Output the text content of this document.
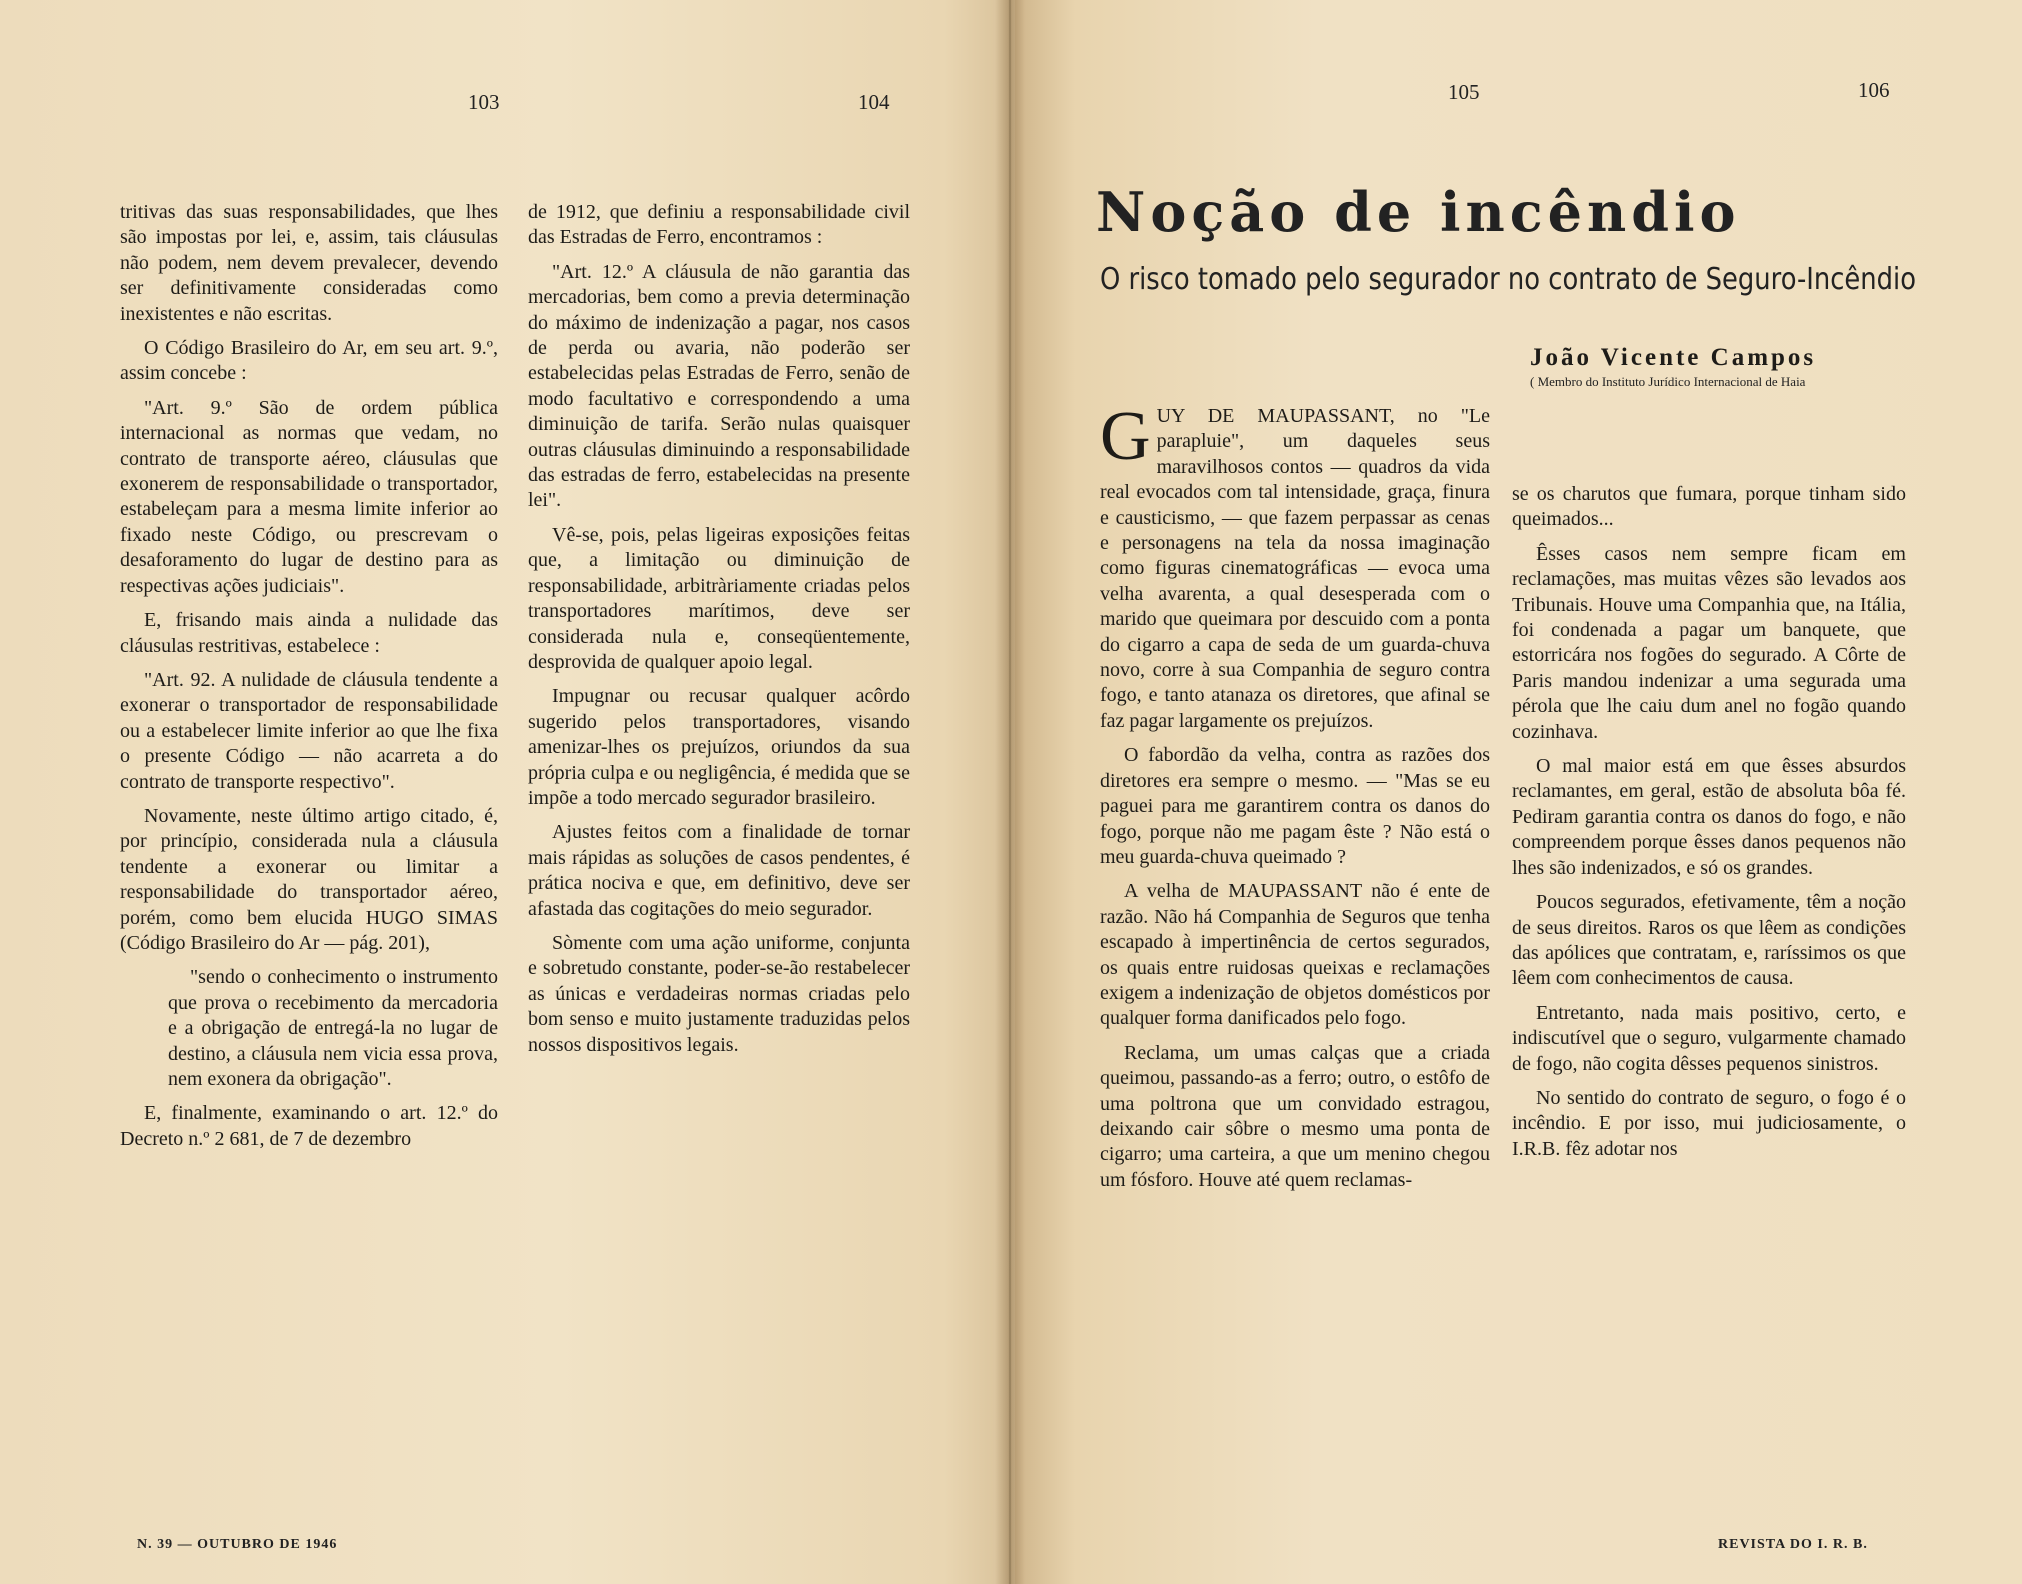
103	104	105	106

tritivas das suas responsabilidades, que lhes são impostas por lei, e, assim, tais cláusulas não podem, nem devem prevalecer, devendo ser definitivamente consideradas como inexistentes e não escritas.

O Código Brasileiro do Ar, em seu art. 9.º, assim concebe :

"Art. 9.º São de ordem pública internacional as normas que vedam, no contrato de transporte aéreo, cláusulas que exonerem de responsabilidade o transportador, estabeleçam para a mesma limite inferior ao fixado neste Código, ou prescrevam o desaforamento do lugar de destino para as respectivas ações judiciais".

E, frisando mais ainda a nulidade das cláusulas restritivas, estabelece :

"Art. 92. A nulidade de cláusula tendente a exonerar o transportador de responsabilidade ou a estabelecer limite inferior ao que lhe fixa o presente Código — não acarreta a do contrato de transporte respectivo".

Novamente, neste último artigo citado, é, por princípio, considerada nula a cláusula tendente a exonerar ou limitar a responsabilidade do transportador aéreo, porém, como bem elucida HUGO SIMAS (Código Brasileiro do Ar — pág. 201),

"sendo o conhecimento o instrumento que prova o recebimento da mercadoria e a obrigação de entregá-la no lugar de destino, a cláusula nem vicia essa prova, nem exonera da obrigação".

E, finalmente, examinando o art. 12.º do Decreto n.º 2 681, de 7 de dezembro

de 1912, que definiu a responsabilidade civil das Estradas de Ferro, encontramos :

"Art. 12.º A cláusula de não garantia das mercadorias, bem como a previa determinação do máximo de indenização a pagar, nos casos de perda ou avaria, não poderão ser estabelecidas pelas Estradas de Ferro, senão de modo facultativo e correspondendo a uma diminuição de tarifa. Serão nulas quaisquer outras cláusulas diminuindo a responsabilidade das estradas de ferro, estabelecidas na presente lei".

Vê-se, pois, pelas ligeiras exposições feitas que, a limitação ou diminuição de responsabilidade, arbitràriamente criadas pelos transportadores marítimos, deve ser considerada nula e, conseqüentemente, desprovida de qualquer apoio legal.

Impugnar ou recusar qualquer acôrdo sugerido pelos transportadores, visando amenizar-lhes os prejuízos, oriundos da sua própria culpa e ou negligência, é medida que se impõe a todo mercado segurador brasileiro.

Ajustes feitos com a finalidade de tornar mais rápidas as soluções de casos pendentes, é prática nociva e que, em definitivo, deve ser afastada das cogitações do meio segurador.

Sòmente com uma ação uniforme, conjunta e sobretudo constante, poder-se-ão restabelecer as únicas e verdadeiras normas criadas pelo bom senso e muito justamente traduzidas pelos nossos dispositivos legais.

Noção de incêndio
O risco tomado pelo segurador no contrato de Seguro-Incêndio
João Vicente Campos
( Membro do Instituto Jurídico Internacional de Haia

GUY DE MAUPASSANT, no "Le parapluie", um daqueles seus maravilhosos contos — quadros da vida real evocados com tal intensidade, graça, finura e causticismo, — que fazem perpassar as cenas e personagens na tela da nossa imaginação como figuras cinematográficas — evoca uma velha avarenta, a qual desesperada com o marido que queimara por descuido com a ponta do cigarro a capa de seda de um guarda-chuva novo, corre à sua Companhia de seguro contra fogo, e tanto atanaza os diretores, que afinal se faz pagar largamente os prejuízos.

O fabordão da velha, contra as razões dos diretores era sempre o mesmo. — "Mas se eu paguei para me garantirem contra os danos do fogo, porque não me pagam êste ? Não está o meu guarda-chuva queimado ?

A velha de MAUPASSANT não é ente de razão. Não há Companhia de Seguros que tenha escapado à impertinência de certos segurados, os quais entre ruidosas queixas e reclamações exigem a indenização de objetos domésticos por qualquer forma danificados pelo fogo.

Reclama, um umas calças que a criada queimou, passando-as a ferro; outro, o estôfo de uma poltrona que um convidado estragou, deixando cair sôbre o mesmo uma ponta de cigarro; uma carteira, a que um menino chegou um fósforo. Houve até quem reclamas-

se os charutos que fumara, porque tinham sido queimados...

Êsses casos nem sempre ficam em reclamações, mas muitas vêzes são levados aos Tribunais. Houve uma Companhia que, na Itália, foi condenada a pagar um banquete, que estorricára nos fogões do segurado. A Côrte de Paris mandou indenizar a uma segurada uma pérola que lhe caiu dum anel no fogão quando cozinhava.

O mal maior está em que êsses absurdos reclamantes, em geral, estão de absoluta bôa fé. Pediram garantia contra os danos do fogo, e não compreendem porque êsses danos pequenos não lhes são indenizados, e só os grandes.

Poucos segurados, efetivamente, têm a noção de seus direitos. Raros os que lêem as condições das apólices que contratam, e, raríssimos os que lêem com conhecimentos de causa.

Entretanto, nada mais positivo, certo, e indiscutível que o seguro, vulgarmente chamado de fogo, não cogita dêsses pequenos sinistros.

No sentido do contrato de seguro, o fogo é o incêndio. E por isso, mui judiciosamente, o I.R.B. fêz adotar nos

N. 39 — OUTUBRO DE 1946	REVISTA DO I. R. B.
